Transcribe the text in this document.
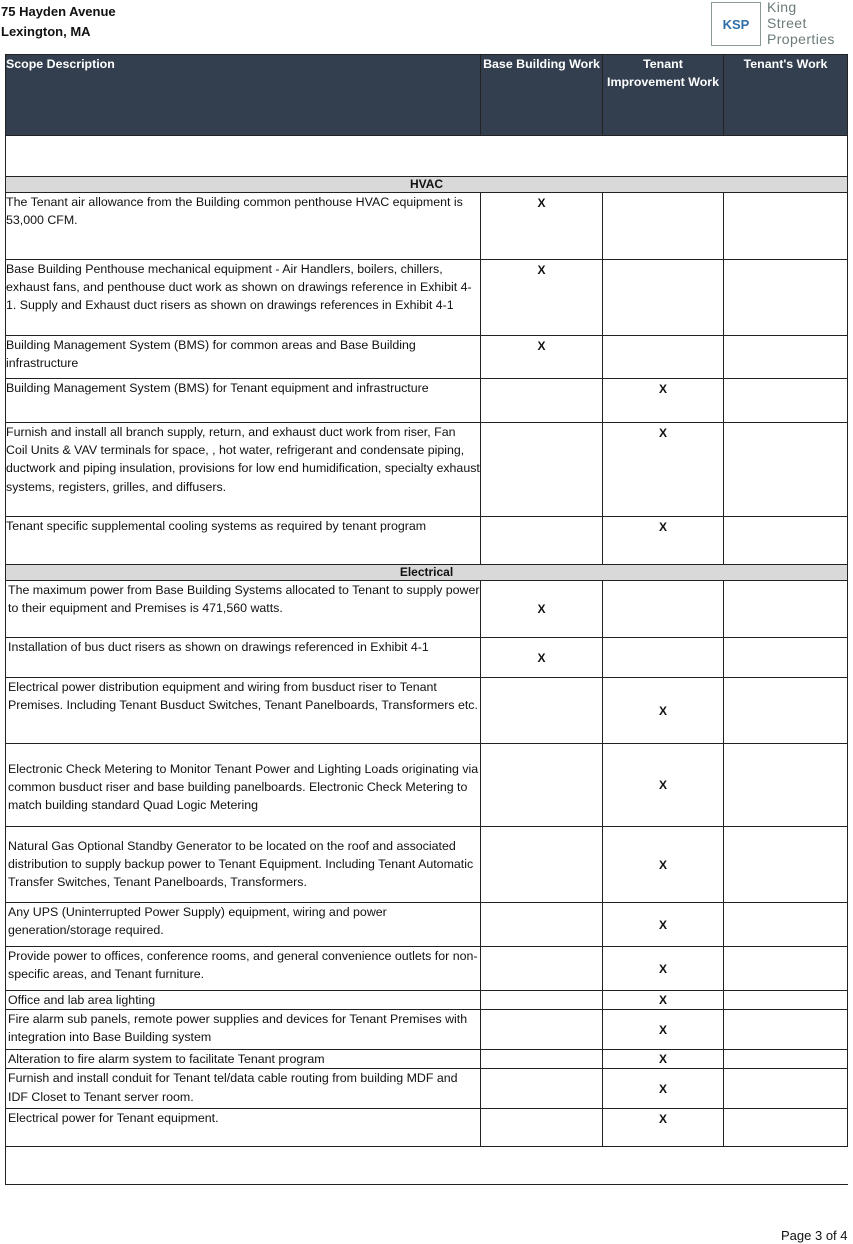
75 Hayden Avenue
Lexington, MA	KSP
King
Street
Properties
Scope Description	Base Building Work	Tenant Improvement Work	Tenant's Work

HVAC			
The Tenant air allowance from the Building common penthouse HVAC equipment is 53,000 CFM.	X		
Base Building Penthouse mechanical equipment - Air Handlers, boilers, chillers, exhaust fans, and penthouse duct work as shown on drawings reference in Exhibit 4-1. Supply and Exhaust duct risers as shown on drawings references in Exhibit 4-1	X		
Building Management System (BMS) for common areas and Base Building infrastructure	X		
Building Management System (BMS) for Tenant equipment and infrastructure		X	
Furnish and install all branch supply, return, and exhaust duct work from riser, Fan Coil Units & VAV terminals for space, , hot water, refrigerant and condensate piping, ductwork and piping insulation, provisions for low end humidification, specialty exhaust systems, registers, grilles, and diffusers.		X	
Tenant specific supplemental cooling systems as required by tenant program		X	
Electrical			
The maximum power from Base Building Systems allocated to Tenant to supply power to their equipment and Premises is 471,560 watts.	X		
Installation of bus duct risers as shown on drawings referenced in Exhibit 4-1	X		
Electrical power distribution equipment and wiring from busduct riser to Tenant Premises. Including Tenant Busduct Switches, Tenant Panelboards, Transformers etc.		X	
Electronic Check Metering to Monitor Tenant Power and Lighting Loads originating via common busduct riser and base building panelboards. Electronic Check Metering to match building standard Quad Logic Metering		X	
Natural Gas Optional Standby Generator to be located on the roof and associated distribution to supply backup power to Tenant Equipment. Including Tenant Automatic Transfer Switches, Tenant Panelboards, Transformers.		X	
Any UPS (Uninterrupted Power Supply) equipment, wiring and power generation/storage required.		X	
Provide power to offices, conference rooms, and general convenience outlets for non-specific areas, and Tenant furniture.		X	
Office and lab area lighting		X	
Fire alarm sub panels, remote power supplies and devices for Tenant Premises with integration into Base Building system		X	
Alteration to fire alarm system to facilitate Tenant program		X	
Furnish and install conduit for Tenant tel/data cable routing from building MDF and IDF Closet to Tenant server room.		X	
Electrical power for Tenant equipment.		X	

Page 3 of 4
